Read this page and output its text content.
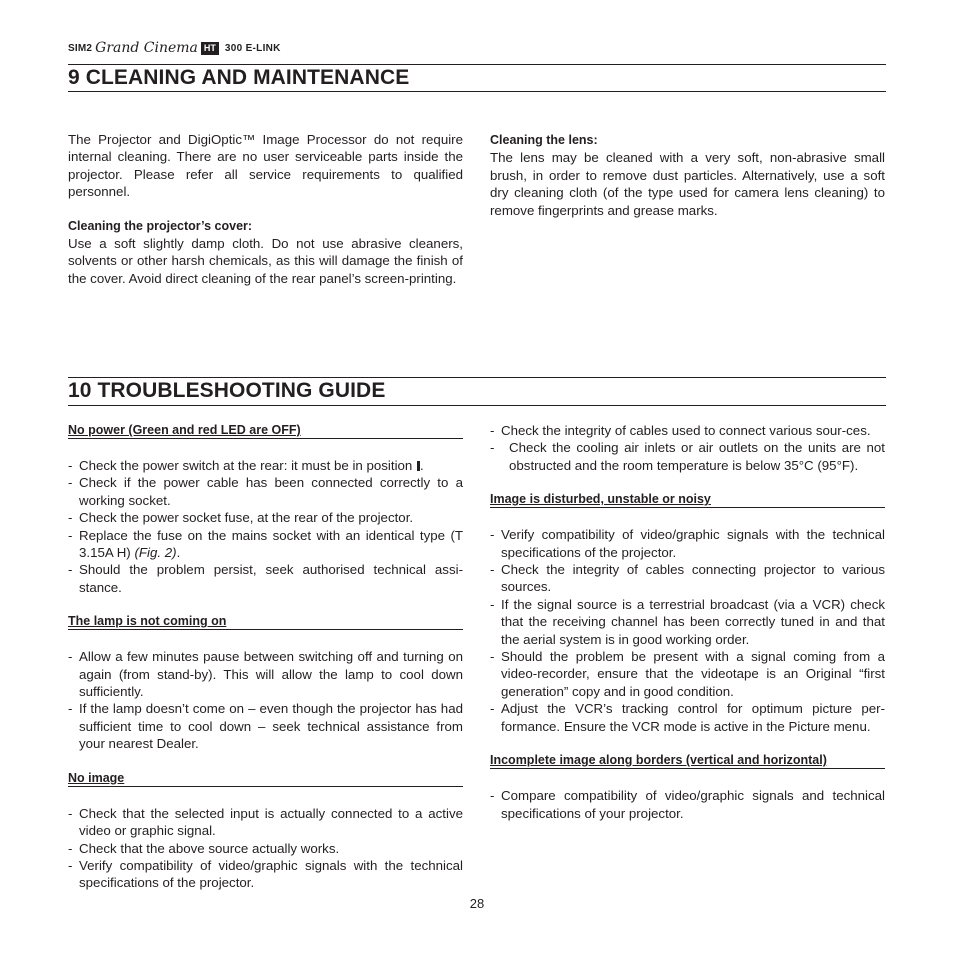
SIM2 Grand Cinema HT 300 E-LINK
9 CLEANING AND MAINTENANCE

The Projector and DigiOptic™ Image Processor do not require internal cleaning. There are no user serviceable parts inside the projector. Please refer all service requirements to qualified personnel.

Cleaning the projector’s cover:

Use a soft slightly damp cloth. Do not use abrasive cleaners, solvents or other harsh chemicals, as this will damage the finish of the cover. Avoid direct cleaning of the rear panel’s screen-printing.

Cleaning the lens:

The lens may be cleaned with a very soft, non-abrasive small brush, in order to remove dust particles. Alternatively, use a soft dry cleaning cloth (of the type used for camera lens cleaning) to remove fingerprints and grease marks.

10 TROUBLESHOOTING GUIDE

No power (Green and red LED are OFF)

- Check the power switch at the rear: it must be in position .
- Check if the power cable has been connected correctly to a working socket.
- Check the power socket fuse, at the rear of the projector.
- Replace the fuse on the mains socket with an identical type (T 3.15A H) (Fig. 2).
- Should the problem persist, seek authorised technical assi-stance.

The lamp is not coming on

- Allow a few minutes pause between switching off and turning on again (from stand-by). This will allow the lamp to cool down sufficiently.
- If the lamp doesn’t come on – even though the projector has had sufficient time to cool down – seek technical assistance from your nearest Dealer.

No image

- Check that the selected input is actually connected to a active video or graphic signal.
- Check that the above source actually works.
- Verify compatibility of video/graphic signals with the technical specifications of the projector.
- Check the integrity of cables used to connect various sour-ces.
- Check the cooling air inlets or air outlets on the units are not obstructed and the room temperature is below 35°C (95°F).

Image is disturbed, unstable or noisy

- Verify compatibility of video/graphic signals with the technical specifications of the projector.
- Check the integrity of cables connecting projector to various sources.
- If the signal source is a terrestrial broadcast (via a VCR) check that the receiving channel has been correctly tuned in and that the aerial system is in good working order.
- Should the problem be present with a signal coming from a video-recorder, ensure that the videotape is an Original “first generation” copy and in good condition.
- Adjust the VCR’s tracking control for optimum picture per-formance. Ensure the VCR mode is active in the Picture menu.

Incomplete image along borders (vertical and horizontal)

- Compare compatibility of video/graphic signals and technical specifications of your projector.
28
